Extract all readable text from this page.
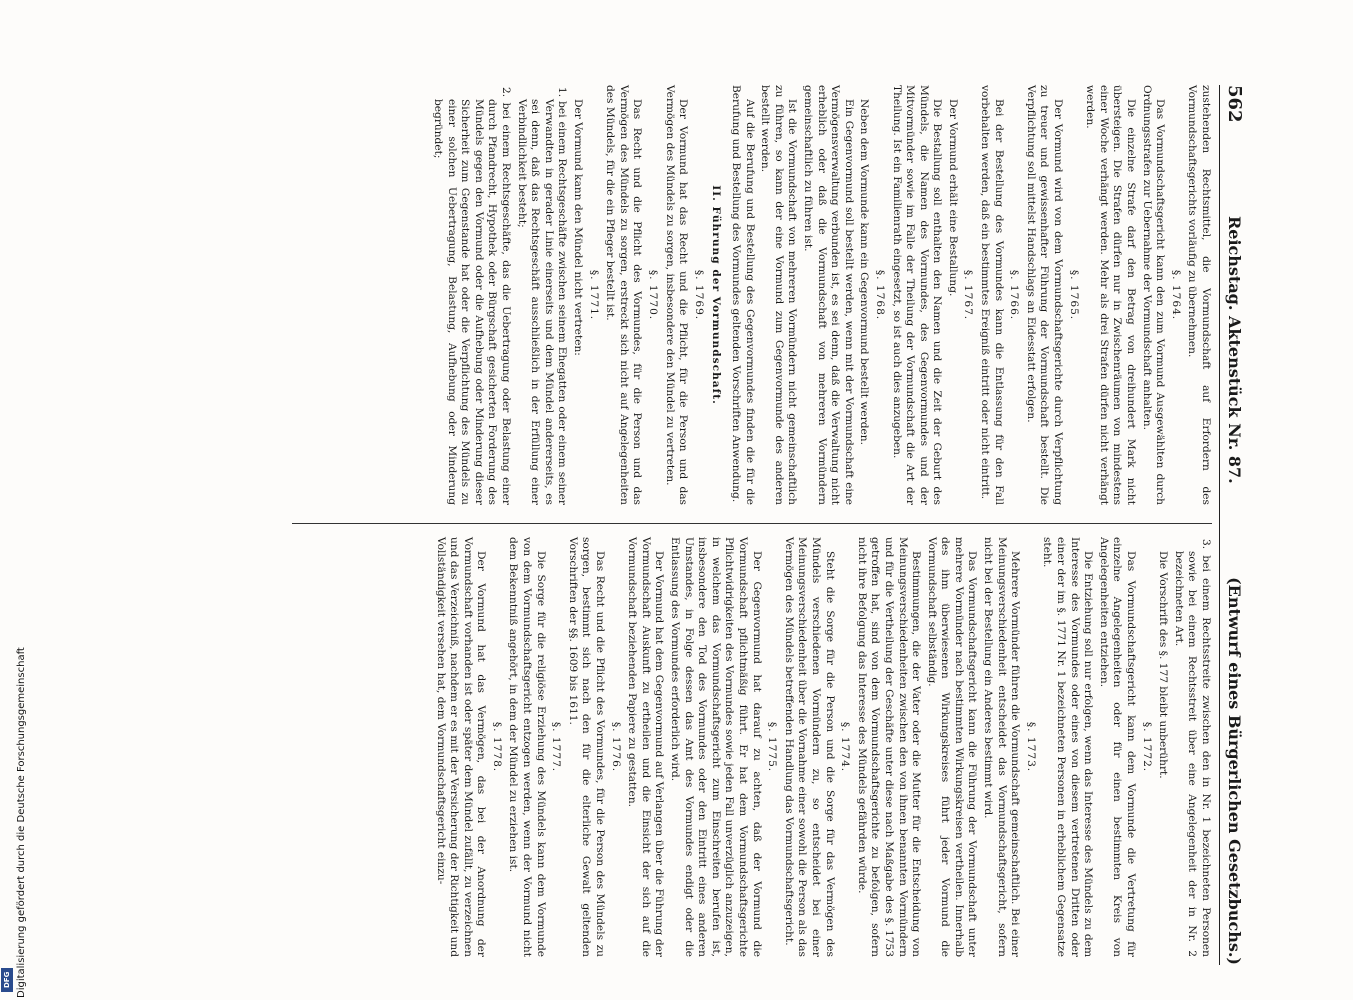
Digitalisierung gefördert durch die Deutsche Forschungsgemeinschaft
DFG
562
Reichstag. Aktenstück Nr. 87.
(Entwurf eines Bürgerlichen Gesetzbuchs.)

zustehenden Rechtsmittel, die Vormundschaft auf Erfordern des Vormundschaftsgerichts vorläufig zu übernehmen.

§. 1764.

Das Vormundschaftsgericht kann den zum Vormund Ausgewählten durch Ordnungsstrafen zur Uebernahme der Vormundschaft anhalten.

Die einzelne Strafe darf den Betrag von dreihundert Mark nicht übersteigen. Die Strafen dürfen nur in Zwischenräumen von mindestens einer Woche verhängt werden. Mehr als drei Strafen dürfen nicht verhängt werden.

§. 1765.

Der Vormund wird von dem Vormundschaftsgerichte durch Verpflichtung zu treuer und gewissenhafter Führung der Vormundschaft bestellt. Die Verpflichtung soll mittelst Handschlags an Eidesstatt erfolgen.

§. 1766.

Bei der Bestellung des Vormundes kann die Entlassung für den Fall vorbehalten werden, daß ein bestimmtes Ereigniß eintritt oder nicht eintritt.

§. 1767.

Der Vormund erhält eine Bestallung.

Die Bestallung soll enthalten den Namen und die Zeit der Geburt des Mündels, die Namen des Vormundes, des Gegenvormundes und der Mitvormünder sowie im Falle der Theilung der Vormundschaft die Art der Theilung. Ist ein Familienrath eingesetzt, so ist auch dies anzugeben.

§. 1768.

Neben dem Vormunde kann ein Gegenvormund bestellt werden.

Ein Gegenvormund soll bestellt werden, wenn mit der Vormundschaft eine Vermögensverwaltung verbunden ist, es sei denn, daß die Verwaltung nicht erheblich oder daß die Vormundschaft von mehreren Vormündern gemeinschaftlich zu führen ist.

Ist die Vormundschaft von mehreren Vormündern nicht gemeinschaftlich zu führen, so kann der eine Vormund zum Gegenvormunde des anderen bestellt werden.

Auf die Berufung und Bestellung des Gegenvormundes finden die für die Berufung und Bestellung des Vormundes geltenden Vorschriften Anwendung.

II. Führung der Vormundschaft.
§. 1769.

Der Vormund hat das Recht und die Pflicht, für die Person und das Vermögen des Mündels zu sorgen, insbesondere den Mündel zu vertreten.

§. 1770.

Das Recht und die Pflicht des Vormundes, für die Person und das Vermögen des Mündels zu sorgen, erstreckt sich nicht auf Angelegenheiten des Mündels, für die ein Pfleger bestellt ist.

§. 1771.

Der Vormund kann den Mündel nicht vertreten:

1. bei einem Rechtsgeschäfte zwischen seinem Ehegatten oder einem seiner Verwandten in gerader Linie einerseits und dem Mündel andererseits, es sei denn, daß das Rechtsgeschäft ausschließlich in der Erfüllung einer Verbindlichkeit besteht;

2. bei einem Rechtsgeschäfte, das die Uebertragung oder Belastung einer durch Pfandrecht, Hypothek oder Bürgschaft gesicherten Forderung des Mündels gegen den Vormund oder die Aufhebung oder Minderung dieser Sicherheit zum Gegenstande hat oder die Verpflichtung des Mündels zu einer solchen Uebertragung, Belastung, Aufhebung oder Minderung begründet;

3. bei einem Rechtsstreite zwischen den in Nr. 1 bezeichneten Personen sowie bei einem Rechtsstreit über eine Angelegenheit der in Nr. 2 bezeichneten Art.

Die Vorschrift des §. 177 bleibt unberührt.

§. 1772.

Das Vormundschaftsgericht kann dem Vormunde die Vertretung für einzelne Angelegenheiten oder für einen bestimmten Kreis von Angelegenheiten entziehen.

Die Entziehung soll nur erfolgen, wenn das Interesse des Mündels zu dem Interesse des Vormundes oder eines von diesem vertretenen Dritten oder einer der im §. 1771 Nr. 1 bezeichneten Personen in erheblichem Gegensatze steht.

§. 1773.

Mehrere Vormünder führen die Vormundschaft gemeinschaftlich. Bei einer Meinungsverschiedenheit entscheidet das Vormundschaftsgericht, sofern nicht bei der Bestellung ein Anderes bestimmt wird.

Das Vormundschaftsgericht kann die Führung der Vormundschaft unter mehrere Vormünder nach bestimmten Wirkungskreisen vertheilen. Innerhalb des ihm überwiesenen Wirkungskreises führt jeder Vormund die Vormundschaft selbständig.

Bestimmungen, die der Vater oder die Mutter für die Entscheidung von Meinungsverschiedenheiten zwischen den von ihnen benannten Vormündern und für die Vertheilung der Geschäfte unter diese nach Maßgabe des §. 1753 getroffen hat, sind von dem Vormundschaftsgerichte zu befolgen, sofern nicht ihre Befolgung das Interesse des Mündels gefährden würde.

§. 1774.

Steht die Sorge für die Person und die Sorge für das Vermögen des Mündels verschiedenen Vormündern zu, so entscheidet bei einer Meinungsverschiedenheit über die Vornahme einer sowohl die Person als das Vermögen des Mündels betreffenden Handlung das Vormundschaftsgericht.

§. 1775.

Der Gegenvormund hat darauf zu achten, daß der Vormund die Vormundschaft pflichtmäßig führt. Er hat dem Vormundschaftsgerichte Pflichtwidrigkeiten des Vormundes sowie jeden Fall unverzüglich anzuzeigen, in welchem das Vormundschaftsgericht zum Einschreiten berufen ist, insbesondere den Tod des Vormundes oder den Eintritt eines anderen Umstandes, in Folge dessen das Amt des Vormundes endigt oder die Entlassung des Vormundes erforderlich wird.

Der Vormund hat dem Gegenvormund auf Verlangen über die Führung der Vormundschaft Auskunft zu ertheilen und die Einsicht der sich auf die Vormundschaft beziehenden Papiere zu gestatten.

§. 1776.

Das Recht und die Pflicht des Vormundes, für die Person des Mündels zu sorgen, bestimmt sich nach den für die elterliche Gewalt geltenden Vorschriften der §§. 1609 bis 1611.

§. 1777.

Die Sorge für die religiöse Erziehung des Mündels kann dem Vormunde von dem Vormundschaftsgericht entzogen werden, wenn der Vormund nicht dem Bekenntniß angehört, in dem der Mündel zu erziehen ist.

§. 1778.

Der Vormund hat das Vermögen, das bei der Anordnung der Vormundschaft vorhanden ist oder später dem Mündel zufällt, zu verzeichnen und das Verzeichniß, nachdem er es mit der Versicherung der Richtigkeit und Vollständigkeit versehen hat, dem Vormundschaftsgericht einzu-
